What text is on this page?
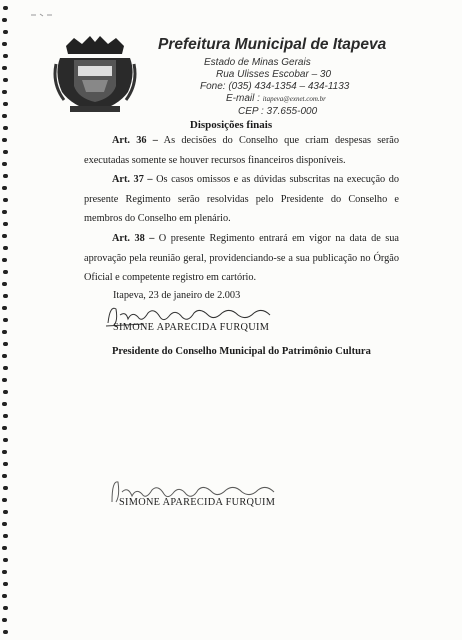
Prefeitura Municipal de Itapeva
Estado de Minas Gerais
Rua Ulisses Escobar – 30
Fone: (035) 434-1354 – 434-1133
E-mail : itapeva@exnet.com.br
CEP : 37.655-000
Disposições finais

Art. 36 – As decisões do Conselho que criam despesas serão executadas somente se houver recursos financeiros disponíveis.

Art. 37 – Os casos omissos e as dúvidas subscritas na execução do presente Regimento serão resolvidas pelo Presidente do Conselho e membros do Conselho em plenário.

Art. 38 – O presente Regimento entrará em vigor na data de sua aprovação pela reunião geral, providenciando-se a sua publicação no Órgão Oficial e competente registro em cartório.

Itapeva, 23 de janeiro de 2.003
SIMONE APARECIDA FURQUIM
Presidente do Conselho Municipal do Patrimônio Cultura
SIMONE APARECIDA FURQUIM
